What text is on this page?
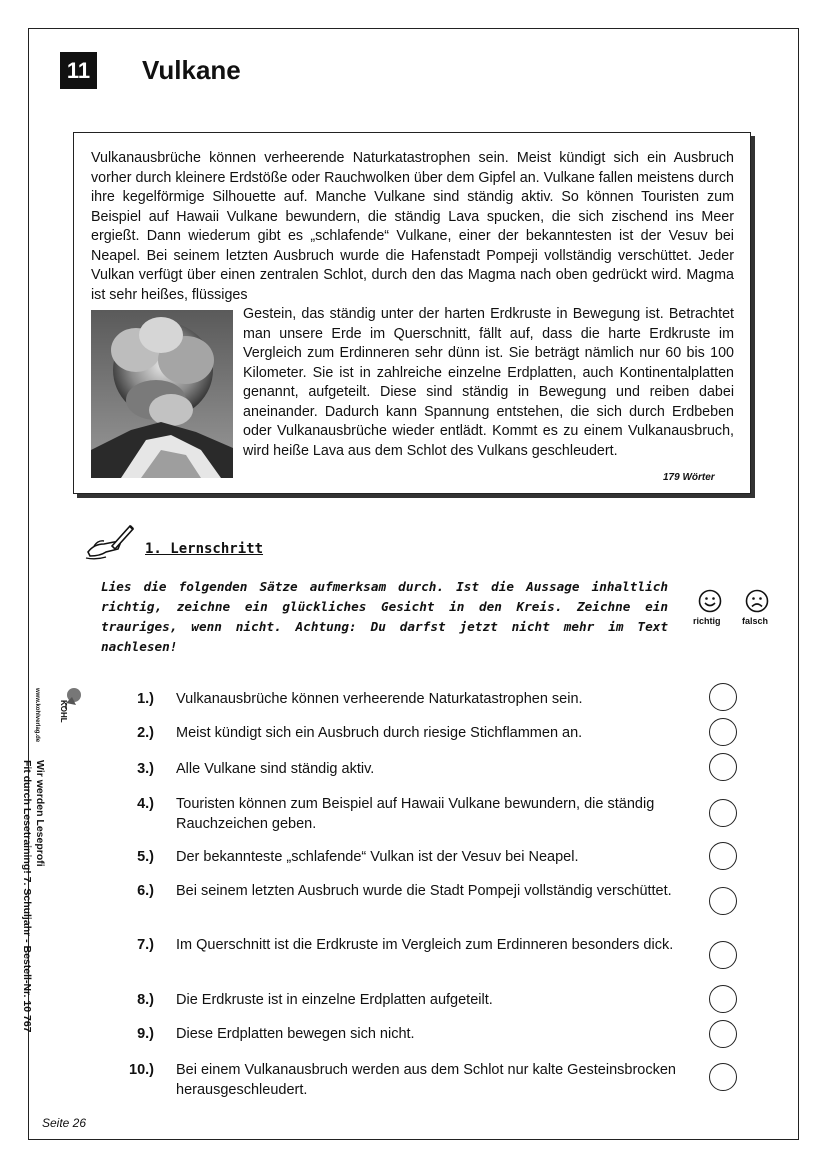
11 Vulkane
Vulkanausbrüche können verheerende Naturkatastrophen sein. Meist kündigt sich ein Ausbruch vorher durch kleinere Erdstöße oder Rauchwolken über dem Gipfel an. Vulkane fallen meistens durch ihre kegelförmige Silhouette auf. Manche Vulkane sind ständig aktiv. So können Touristen zum Beispiel auf Hawaii Vulkane bewundern, die ständig Lava spucken, die sich zischend ins Meer ergießt. Dann wiederum gibt es „schlafende“ Vulkane, einer der bekanntesten ist der Vesuv bei Neapel. Bei seinem letzten Ausbruch wurde die Hafenstadt Pompeji vollständig verschüttet. Jeder Vulkan verfügt über einen zentralen Schlot, durch den das Magma nach oben gedrückt wird. Magma ist sehr heißes, flüssiges
Gestein, das ständig unter der harten Erdkruste in Bewegung ist. Betrachtet man unsere Erde im Querschnitt, fällt auf, dass die harte Erdkruste im Vergleich zum Erdinneren sehr dünn ist. Sie beträgt nämlich nur 60 bis 100 Kilometer. Sie ist in zahlreiche einzelne Erdplatten, auch Kontinentalplatten genannt, aufgeteilt. Diese sind ständig in Bewegung und reiben dabei aneinander. Dadurch kann Spannung entstehen, die sich durch Erdbeben oder Vulkanausbrüche wieder entlädt. Kommt es zu einem Vulkanausbruch, wird heiße Lava aus dem Schlot des Vulkans geschleudert.
179 Wörter
1. Lernschritt
Lies die folgenden Sätze aufmerksam durch. Ist die Aussage inhaltlich richtig, zeichne ein glückliches Gesicht in den Kreis. Zeichne ein trauriges, wenn nicht. Achtung: Du darfst jetzt nicht mehr im Text nachlesen!
richtig falsch
Wir werden Leseprofi
Fit durch Lesetraining! 7. Schuljahr - Bestell-Nr. 10 767
www.kohlverlag.de KOHL
1.) Vulkanausbrüche können verheerende Naturkatastrophen sein.
2.) Meist kündigt sich ein Ausbruch durch riesige Stichflammen an.
3.) Alle Vulkane sind ständig aktiv.
4.) Touristen können zum Beispiel auf Hawaii Vulkane bewundern, die ständig Rauchzeichen geben.
5.) Der bekannteste „schlafende“ Vulkan ist der Vesuv bei Neapel.
6.) Bei seinem letzten Ausbruch wurde die Stadt Pompeji vollständig verschüttet.
7.) Im Querschnitt ist die Erdkruste im Vergleich zum Erdinneren besonders dick.
8.) Die Erdkruste ist in einzelne Erdplatten aufgeteilt.
9.) Diese Erdplatten bewegen sich nicht.
10.) Bei einem Vulkanausbruch werden aus dem Schlot nur kalte Gesteinsbrocken herausgeschleudert.
Seite 26
